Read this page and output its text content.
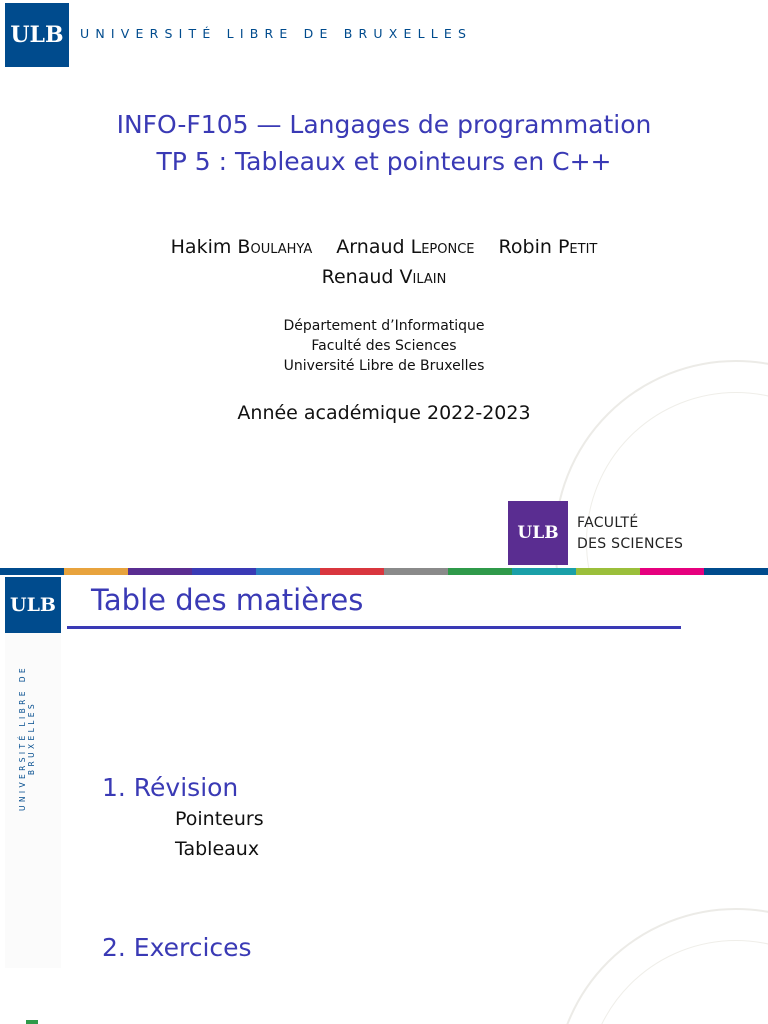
ULB	UNIVERSITÉ LIBRE DE BRUXELLES
INFO-F105 — Langages de programmation
TP 5 : Tableaux et pointeurs en C++
Hakim Boulahya Arnaud Leponce Robin Petit
Renaud Vilain
Département d’Informatique
Faculté des Sciences
Université Libre de Bruxelles
Année académique 2022-2023
ULB	FACULTÉ
DES SCIENCES
ULB
UNIVERSITÉ LIBRE DE BRUXELLES
Table des matières
1. Révision
Pointeurs
Tableaux
2. Exercices
